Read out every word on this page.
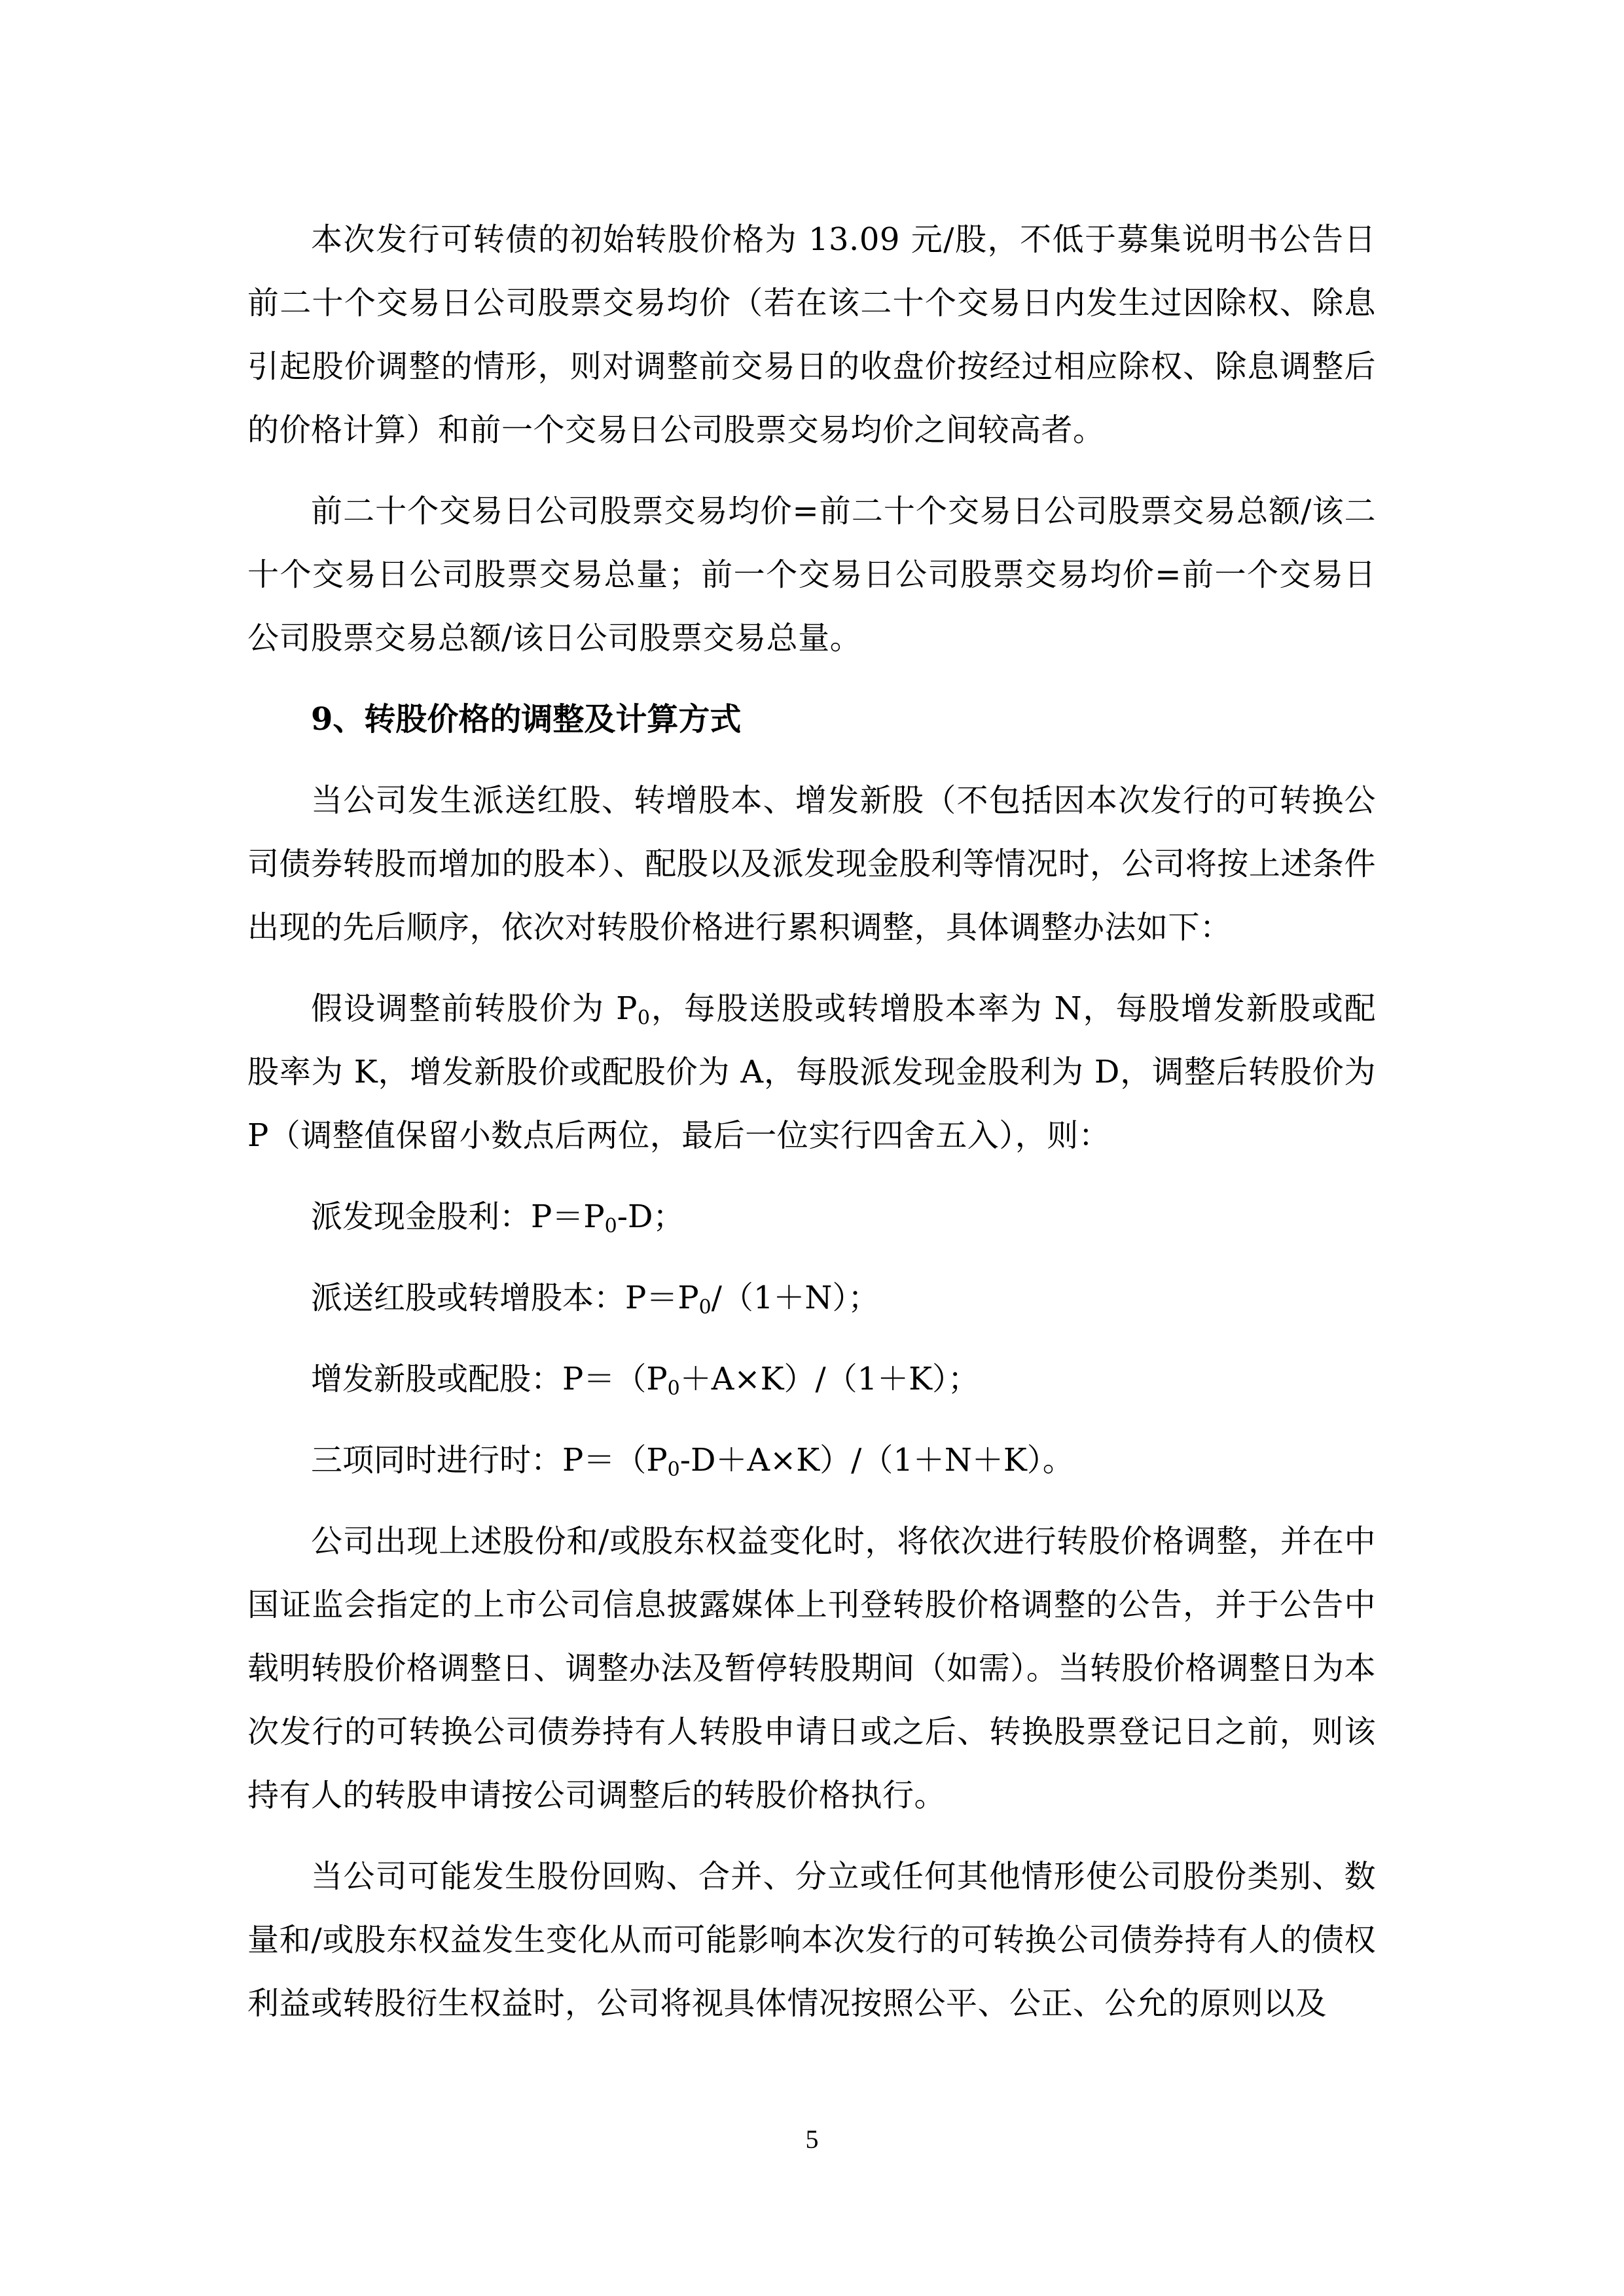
本次发行可转债的初始转股价格为 13.09 元/股，不低于募集说明书公告日前二十个交易日公司股票交易均价（若在该二十个交易日内发生过因除权、除息引起股价调整的情形，则对调整前交易日的收盘价按经过相应除权、除息调整后的价格计算）和前一个交易日公司股票交易均价之间较高者。

前二十个交易日公司股票交易均价=前二十个交易日公司股票交易总额/该二十个交易日公司股票交易总量；前一个交易日公司股票交易均价=前一个交易日公司股票交易总额/该日公司股票交易总量。

9、转股价格的调整及计算方式

当公司发生派送红股、转增股本、增发新股（不包括因本次发行的可转换公司债券转股而增加的股本）、配股以及派发现金股利等情况时，公司将按上述条件出现的先后顺序，依次对转股价格进行累积调整，具体调整办法如下：

假设调整前转股价为 $P_0$，每股送股或转增股本率为 N，每股增发新股或配股率为 K，增发新股价或配股价为 A，每股派发现金股利为 D，调整后转股价为 P（调整值保留小数点后两位，最后一位实行四舍五入），则：

派发现金股利：$P=P_0-D$；

派送红股或转增股本：$P=P_0/(1+N)$；

增发新股或配股：$P=(P_0+A\times K)/(1+K)$；

三项同时进行时：$P=(P_0-D+A\times K)/(1+N+K)$。

公司出现上述股份和/或股东权益变化时，将依次进行转股价格调整，并在中国证监会指定的上市公司信息披露媒体上刊登转股价格调整的公告，并于公告中载明转股价格调整日、调整办法及暂停转股期间（如需）。当转股价格调整日为本次发行的可转换公司债券持有人转股申请日或之后、转换股票登记日之前，则该持有人的转股申请按公司调整后的转股价格执行。

当公司可能发生股份回购、合并、分立或任何其他情形使公司股份类别、数量和/或股东权益发生变化从而可能影响本次发行的可转换公司债券持有人的债权利益或转股衍生权益时，公司将视具体情况按照公平、公正、公允的原则以及

5
